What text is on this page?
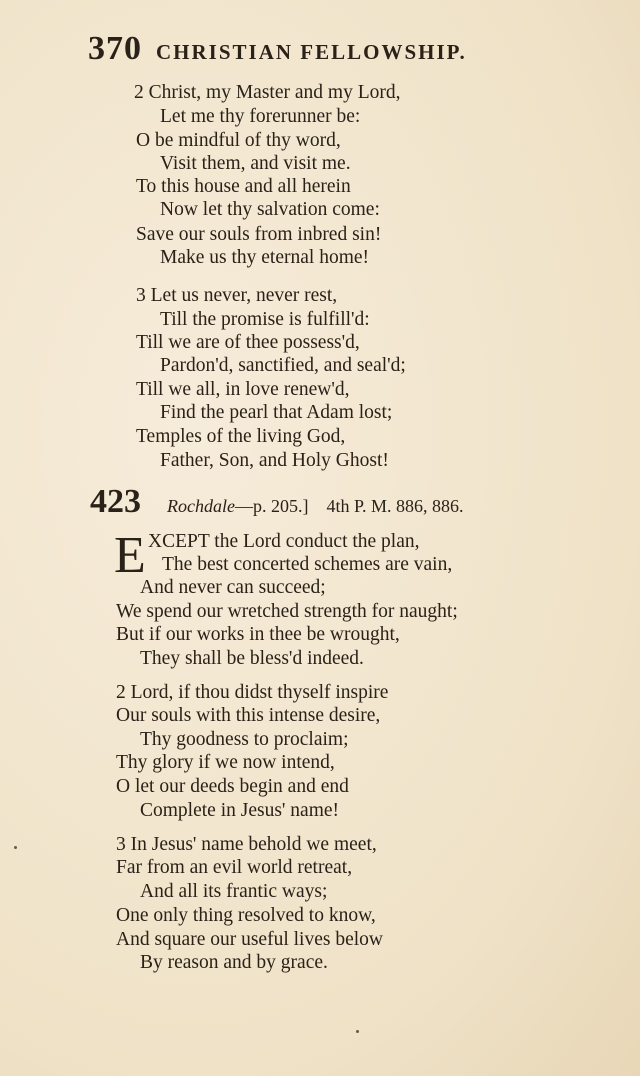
370 CHRISTIAN FELLOWSHIP.
2 Christ, my Master and my Lord,
Let me thy forerunner be:
O be mindful of thy word,
Visit them, and visit me.
To this house and all herein
Now let thy salvation come:
Save our souls from inbred sin!
Make us thy eternal home!
3 Let us never, never rest,
Till the promise is fulfill'd:
Till we are of thee possess'd,
Pardon'd, sanctified, and seal'd;
Till we all, in love renew'd,
Find the pearl that Adam lost;
Temples of the living God,
Father, Son, and Holy Ghost!
423 Rochdale —p. 205.] 4th P. M. 886, 886.
E XCEPT the Lord conduct the plan,
The best concerted schemes are vain,
And never can succeed;
We spend our wretched strength for naught;
But if our works in thee be wrought,
They shall be bless'd indeed.
2 Lord, if thou didst thyself inspire
Our souls with this intense desire,
Thy goodness to proclaim;
Thy glory if we now intend,
O let our deeds begin and end
Complete in Jesus' name!
3 In Jesus' name behold we meet,
Far from an evil world retreat,
And all its frantic ways;
One only thing resolved to know,
And square our useful lives below
By reason and by grace.
